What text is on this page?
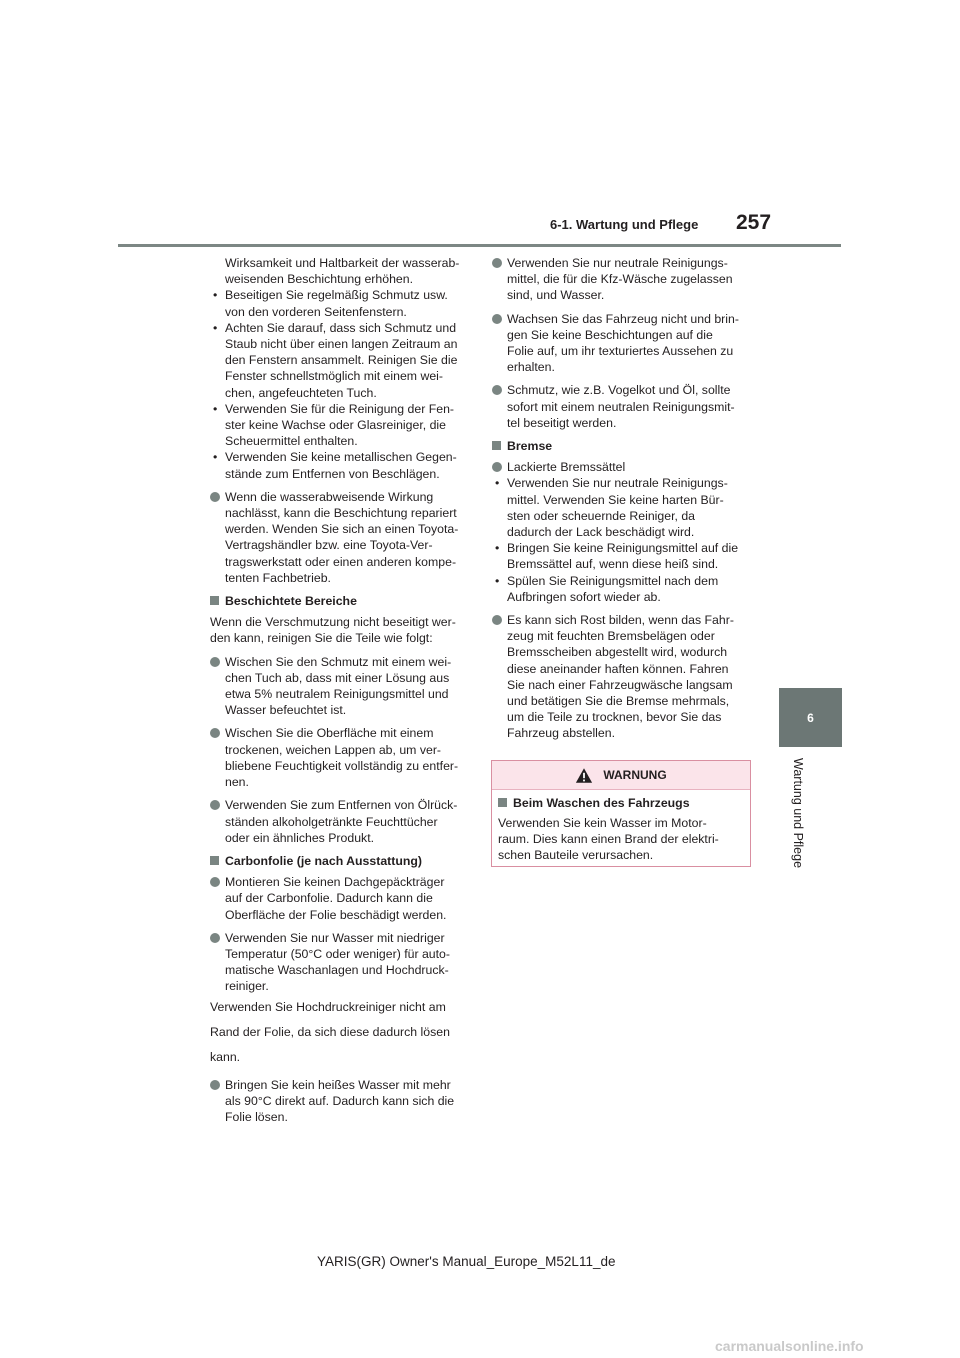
6-1. Wartung und Pflege 257
6
Wartung und Pflege
Wirksamkeit und Haltbarkeit der wasserab-
weisenden Beschichtung erhöhen.
• Beseitigen Sie regelmäßig Schmutz usw.
von den vorderen Seitenfenstern.
• Achten Sie darauf, dass sich Schmutz und
Staub nicht über einen langen Zeitraum an
den Fenstern ansammelt. Reinigen Sie die
Fenster schnellstmöglich mit einem wei-
chen, angefeuchteten Tuch.
• Verwenden Sie für die Reinigung der Fen-
ster keine Wachse oder Glasreiniger, die
Scheuermittel enthalten.
• Verwenden Sie keine metallischen Gegen-
stände zum Entfernen von Beschlägen.
Wenn die wasserabweisende Wirkung
nachlässt, kann die Beschichtung repariert
werden. Wenden Sie sich an einen Toyota-
Vertragshändler bzw. eine Toyota-Ver-
tragswerkstatt oder einen anderen kompe-
tenten Fachbetrieb.
Beschichtete Bereiche
Wenn die Verschmutzung nicht beseitigt wer-
den kann, reinigen Sie die Teile wie folgt:
Wischen Sie den Schmutz mit einem wei-
chen Tuch ab, dass mit einer Lösung aus
etwa 5% neutralem Reinigungsmittel und
Wasser befeuchtet ist.
Wischen Sie die Oberfläche mit einem
trockenen, weichen Lappen ab, um ver-
bliebene Feuchtigkeit vollständig zu entfer-
nen.
Verwenden Sie zum Entfernen von Ölrück-
ständen alkoholgetränkte Feuchttücher
oder ein ähnliches Produkt.
Carbonfolie (je nach Ausstattung)
Montieren Sie keinen Dachgepäckträger
auf der Carbonfolie. Dadurch kann die
Oberfläche der Folie beschädigt werden.
Verwenden Sie nur Wasser mit niedriger
Temperatur (50°C oder weniger) für auto-
matische Waschanlagen und Hochdruck-
reiniger.
Verwenden Sie Hochdruckreiniger nicht am
Rand der Folie, da sich diese dadurch lösen
kann.
Bringen Sie kein heißes Wasser mit mehr
als 90°C direkt auf. Dadurch kann sich die
Folie lösen.
Verwenden Sie nur neutrale Reinigungs-
mittel, die für die Kfz-Wäsche zugelassen
sind, und Wasser.
Wachsen Sie das Fahrzeug nicht und brin-
gen Sie keine Beschichtungen auf die
Folie auf, um ihr texturiertes Aussehen zu
erhalten.
Schmutz, wie z.B. Vogelkot und Öl, sollte
sofort mit einem neutralen Reinigungsmit-
tel beseitigt werden.
Bremse
Lackierte Bremssättel
• Verwenden Sie nur neutrale Reinigungs-
mittel. Verwenden Sie keine harten Bür-
sten oder scheuernde Reiniger, da
dadurch der Lack beschädigt wird.
• Bringen Sie keine Reinigungsmittel auf die
Bremssättel auf, wenn diese heiß sind.
• Spülen Sie Reinigungsmittel nach dem
Aufbringen sofort wieder ab.
Es kann sich Rost bilden, wenn das Fahr-
zeug mit feuchten Bremsbelägen oder
Bremsscheiben abgestellt wird, wodurch
diese aneinander haften können. Fahren
Sie nach einer Fahrzeugwäsche langsam
und betätigen Sie die Bremse mehrmals,
um die Teile zu trocknen, bevor Sie das
Fahrzeug abstellen.
WARNUNG
Beim Waschen des Fahrzeugs
Verwenden Sie kein Wasser im Motor-
raum. Dies kann einen Brand der elektri-
schen Bauteile verursachen.
YARIS(GR) Owner's Manual_Europe_M52L11_de
carmanualsonline.info
